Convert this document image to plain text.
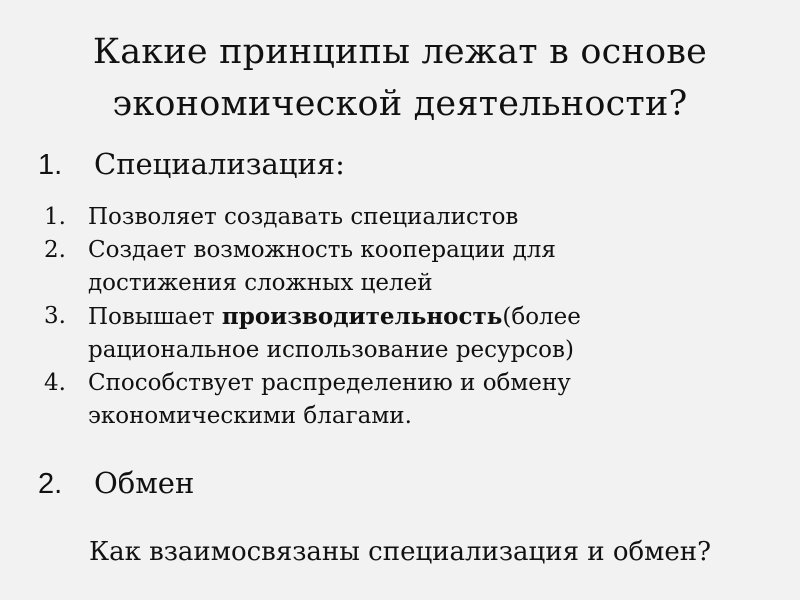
Какие принципы лежат в основе
экономической деятельности?
1. Специализация:
1. Позволяет создавать специалистов
2. Создает возможность кооперации для
достижения сложных целей
3. Повышает производительность(более
рациональное использование ресурсов)
4. Способствует распределению и обмену
экономическими благами.
2. Обмен
Как взаимосвязаны специализация и обмен?
